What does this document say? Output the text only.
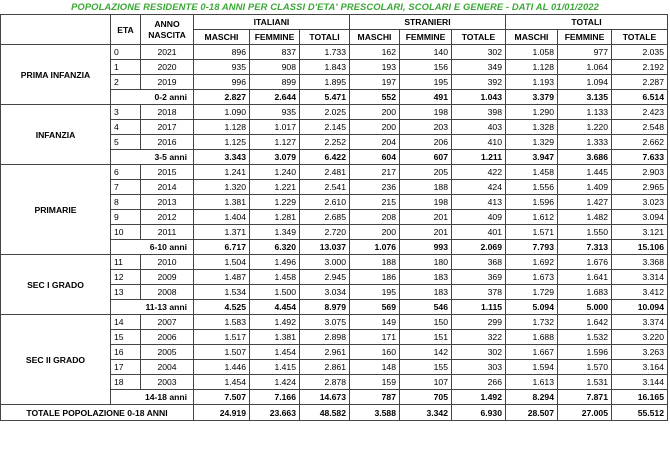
POPOLAZIONE RESIDENTE 0-18 ANNI PER CLASSI D'ETA' PRESCOLARI, SCOLARI E GENERE - DATI AL 01/01/2022
	ETA	ANNO NASCITA	ITALIANI			STRANIERI			TOTALI		
			MASCHI	FEMMINE	TOTALI	MASCHI	FEMMINE	TOTALE	MASCHI	FEMMINE	TOTALE
PRIMA INFANZIA	0	2021	896	837	1.733	162	140	302	1.058	977	2.035
	1	2020	935	908	1.843	193	156	349	1.128	1.064	2.192
	2	2019	996	899	1.895	197	195	392	1.193	1.094	2.287
	0-2 anni		2.827	2.644	5.471	552	491	1.043	3.379	3.135	6.514
INFANZIA	3	2018	1.090	935	2.025	200	198	398	1.290	1.133	2.423
	4	2017	1.128	1.017	2.145	200	203	403	1.328	1.220	2.548
	5	2016	1.125	1.127	2.252	204	206	410	1.329	1.333	2.662
	3-5 anni		3.343	3.079	6.422	604	607	1.211	3.947	3.686	7.633
PRIMARIE	6	2015	1.241	1.240	2.481	217	205	422	1.458	1.445	2.903
	7	2014	1.320	1.221	2.541	236	188	424	1.556	1.409	2.965
	8	2013	1.381	1.229	2.610	215	198	413	1.596	1.427	3.023
	9	2012	1.404	1.281	2.685	208	201	409	1.612	1.482	3.094
	10	2011	1.371	1.349	2.720	200	201	401	1.571	1.550	3.121
	6-10 anni		6.717	6.320	13.037	1.076	993	2.069	7.793	7.313	15.106
SEC I GRADO	11	2010	1.504	1.496	3.000	188	180	368	1.692	1.676	3.368
	12	2009	1.487	1.458	2.945	186	183	369	1.673	1.641	3.314
	13	2008	1.534	1.500	3.034	195	183	378	1.729	1.683	3.412
	11-13 anni		4.525	4.454	8.979	569	546	1.115	5.094	5.000	10.094
SEC II GRADO	14	2007	1.583	1.492	3.075	149	150	299	1.732	1.642	3.374
	15	2006	1.517	1.381	2.898	171	151	322	1.688	1.532	3.220
	16	2005	1.507	1.454	2.961	160	142	302	1.667	1.596	3.263
	17	2004	1.446	1.415	2.861	148	155	303	1.594	1.570	3.164
	18	2003	1.454	1.424	2.878	159	107	266	1.613	1.531	3.144
	14-18 anni		7.507	7.166	14.673	787	705	1.492	8.294	7.871	16.165
TOTALE POPOLAZIONE 0-18 ANNI			24.919	23.663	48.582	3.588	3.342	6.930	28.507	27.005	55.512
